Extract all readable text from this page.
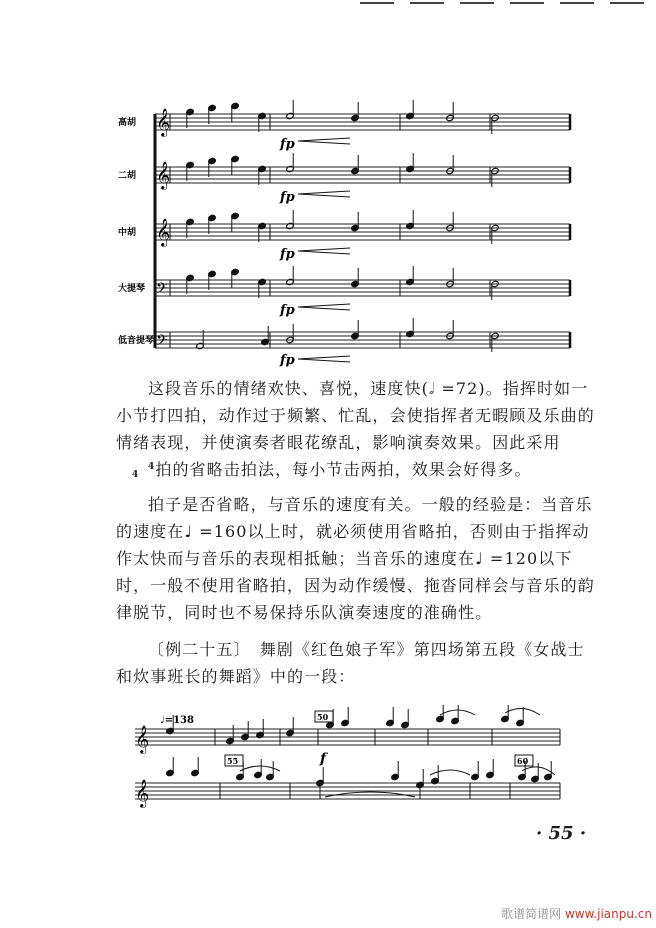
高胡 𝄞
fp
二胡 𝄞
fp
中胡 𝄞
fp
大提琴 𝄢
fp
低音提琴 𝄢
fp

这段音乐的情绪欢快、喜悦，速度快(𝅗𝅥 =72)。指挥时如一小节打四拍，动作过于频繁、忙乱，会使指挥者无暇顾及乐曲的情绪表现，并使演奏者眼花缭乱，影响演奏效果。因此采用4
4 拍的省略击拍法，每小节击两拍，效果会好得多。

拍子是否省略，与音乐的速度有关。一般的经验是：当音乐的速度在♩ =160以上时，就必须使用省略拍，否则由于指挥动作太快而与音乐的表现相抵触；当音乐的速度在♩ =120以下时，一般不使用省略拍，因为动作缓慢、拖沓同样会与音乐的韵律脱节，同时也不易保持乐队演奏速度的准确性。

〔例二十五〕　舞剧《红色娘子军》第四场第五段《女战士和炊事班长的舞蹈》中的一段：

♩=138
𝄞
𝄞
50
55	60
f
· 55 ·
歌谱简谱网 www.jianpu.cn
